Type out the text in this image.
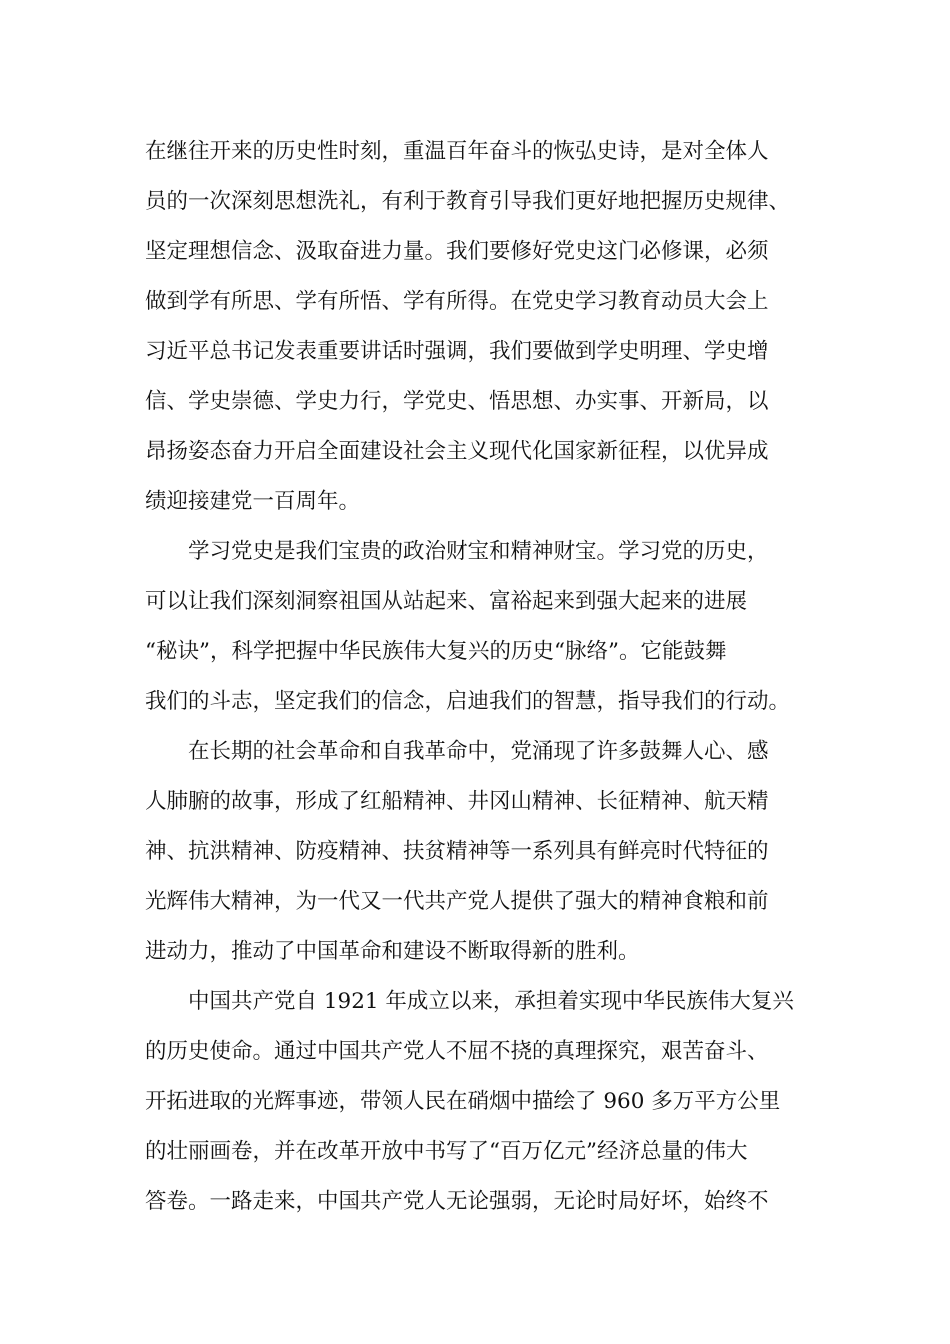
在继往开来的历史性时刻，重温百年奋斗的恢弘史诗，是对全体人
员的一次深刻思想洗礼，有利于教育引导我们更好地把握历史规律、
坚定理想信念、汲取奋进力量。我们要修好党史这门必修课，必须
做到学有所思、学有所悟、学有所得。在党史学习教育动员大会上
习近平总书记发表重要讲话时强调，我们要做到学史明理、学史增
信、学史崇德、学史力行，学党史、悟思想、办实事、开新局，以
昂扬姿态奋力开启全面建设社会主义现代化国家新征程，以优异成
绩迎接建党一百周年。
学习党史是我们宝贵的政治财宝和精神财宝。学习党的历史，
可以让我们深刻洞察祖国从站起来、富裕起来到强大起来的进展
“秘诀”，科学把握中华民族伟大复兴的历史“脉络”。它能鼓舞
我们的斗志，坚定我们的信念，启迪我们的智慧，指导我们的行动。
在长期的社会革命和自我革命中，党涌现了许多鼓舞人心、感
人肺腑的故事，形成了红船精神、井冈山精神、长征精神、航天精
神、抗洪精神、防疫精神、扶贫精神等一系列具有鲜亮时代特征的
光辉伟大精神，为一代又一代共产党人提供了强大的精神食粮和前
进动力，推动了中国革命和建设不断取得新的胜利。
中国共产党自 1921 年成立以来，承担着实现中华民族伟大复兴
的历史使命。通过中国共产党人不屈不挠的真理探究，艰苦奋斗、
开拓进取的光辉事迹，带领人民在硝烟中描绘了 960 多万平方公里
的壮丽画卷，并在改革开放中书写了“百万亿元”经济总量的伟大
答卷。一路走来，中国共产党人无论强弱，无论时局好坏，始终不
